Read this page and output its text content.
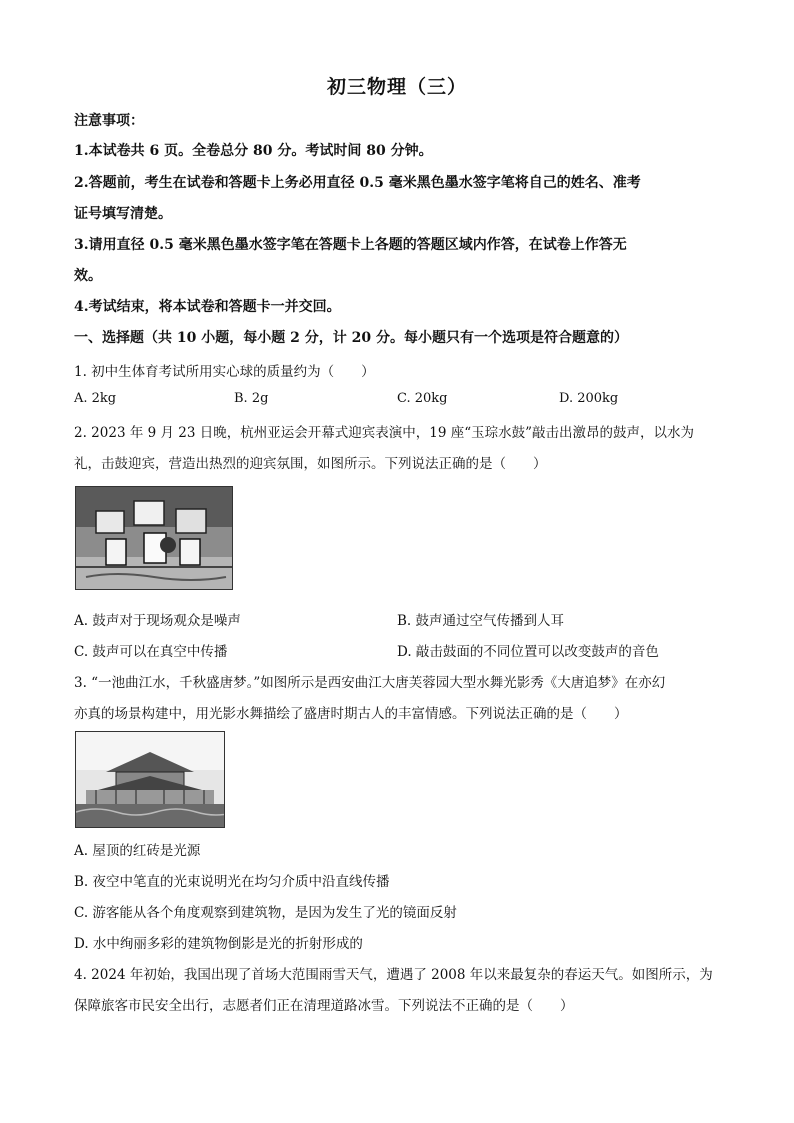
初三物理（三）
注意事项：
1.本试卷共 6 页。全卷总分 80 分。考试时间 80 分钟。
2.答题前，考生在试卷和答题卡上务必用直径 0.5 毫米黑色墨水签字笔将自己的姓名、准考
证号填写清楚。
3.请用直径 0.5 毫米黑色墨水签字笔在答题卡上各题的答题区域内作答，在试卷上作答无
效。
4.考试结束，将本试卷和答题卡一并交回。
一、选择题（共 10 小题，每小题 2 分，计 20 分。每小题只有一个选项是符合题意的）
1. 初中生体育考试所用实心球的质量约为（　　）
A. 2kg	B. 2g	C. 20kg	D. 200kg
2. 2023 年 9 月 23 日晚，杭州亚运会开幕式迎宾表演中，19 座“玉琮水鼓”敲击出激昂的鼓声，以水为
礼，击鼓迎宾，营造出热烈的迎宾氛围，如图所示。下列说法正确的是（　　）
A. 鼓声对于现场观众是噪声	B. 鼓声通过空气传播到人耳
C. 鼓声可以在真空中传播	D. 敲击鼓面的不同位置可以改变鼓声的音色
3. “一池曲江水，千秋盛唐梦。”如图所示是西安曲江大唐芙蓉园大型水舞光影秀《大唐追梦》在亦幻
亦真的场景构建中，用光影水舞描绘了盛唐时期古人的丰富情感。下列说法正确的是（　　）
A. 屋顶的红砖是光源
B. 夜空中笔直的光束说明光在均匀介质中沿直线传播
C. 游客能从各个角度观察到建筑物，是因为发生了光的镜面反射
D. 水中绚丽多彩的建筑物倒影是光的折射形成的
4. 2024 年初始，我国出现了首场大范围雨雪天气，遭遇了 2008 年以来最复杂的春运天气。如图所示，为
保障旅客市民安全出行，志愿者们正在清理道路冰雪。下列说法不正确的是（　　）
